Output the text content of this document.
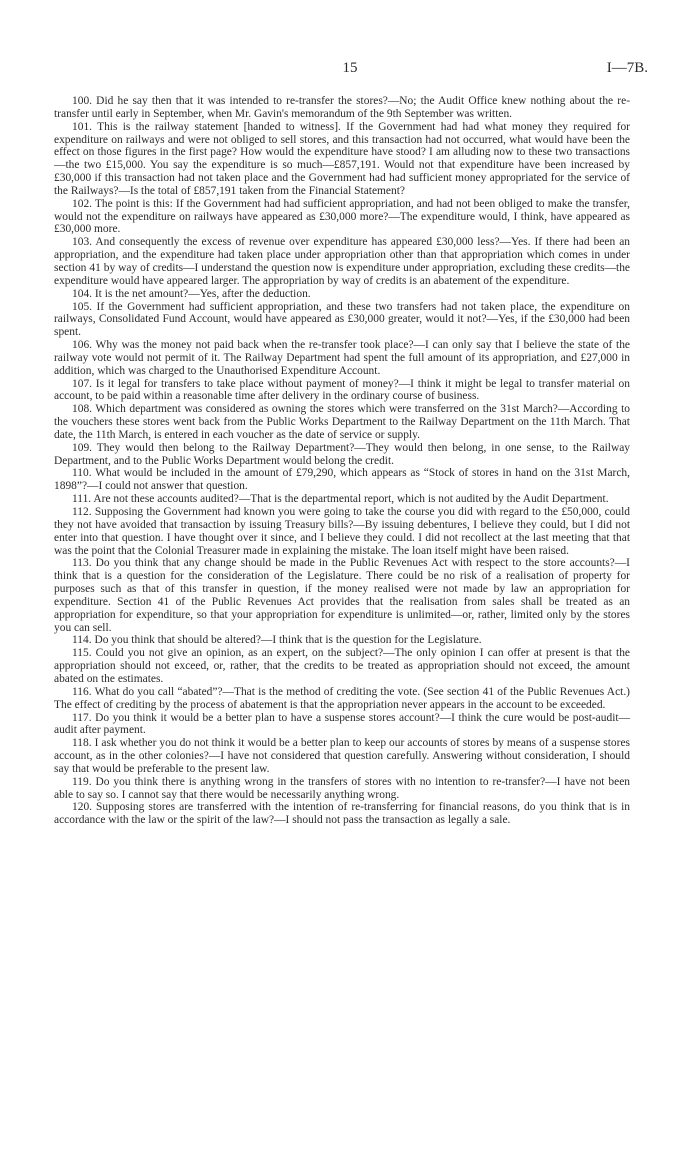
15	I—7B.

100. Did he say then that it was intended to re-transfer the stores?—No; the Audit Office knew nothing about the re-transfer until early in September, when Mr. Gavin's memorandum of the 9th September was written.

101. This is the railway statement [handed to witness]. If the Government had had what money they required for expenditure on railways and were not obliged to sell stores, and this transaction had not occurred, what would have been the effect on those figures in the first page? How would the expenditure have stood? I am alluding now to these two transactions—the two £15,000. You say the expenditure is so much—£857,191. Would not that expenditure have been increased by £30,000 if this transaction had not taken place and the Government had had sufficient money appropriated for the service of the Railways?—Is the total of £857,191 taken from the Financial Statement?

102. The point is this: If the Government had had sufficient appropriation, and had not been obliged to make the transfer, would not the expenditure on railways have appeared as £30,000 more?—The expenditure would, I think, have appeared as £30,000 more.

103. And consequently the excess of revenue over expenditure has appeared £30,000 less?—Yes. If there had been an appropriation, and the expenditure had taken place under appropriation other than that appropriation which comes in under section 41 by way of credits—I understand the question now is expenditure under appropriation, excluding these credits—the expenditure would have appeared larger. The appropriation by way of credits is an abatement of the expenditure.

104. It is the net amount?—Yes, after the deduction.

105. If the Government had sufficient appropriation, and these two transfers had not taken place, the expenditure on railways, Consolidated Fund Account, would have appeared as £30,000 greater, would it not?—Yes, if the £30,000 had been spent.

106. Why was the money not paid back when the re-transfer took place?—I can only say that I believe the state of the railway vote would not permit of it. The Railway Department had spent the full amount of its appropriation, and £27,000 in addition, which was charged to the Unauthorised Expenditure Account.

107. Is it legal for transfers to take place without payment of money?—I think it might be legal to transfer material on account, to be paid within a reasonable time after delivery in the ordinary course of business.

108. Which department was considered as owning the stores which were transferred on the 31st March?—According to the vouchers these stores went back from the Public Works Department to the Railway Department on the 11th March. That date, the 11th March, is entered in each voucher as the date of service or supply.

109. They would then belong to the Railway Department?—They would then belong, in one sense, to the Railway Department, and to the Public Works Department would belong the credit.

110. What would be included in the amount of £79,290, which appears as “Stock of stores in hand on the 31st March, 1898”?—I could not answer that question.

111. Are not these accounts audited?—That is the departmental report, which is not audited by the Audit Department.

112. Supposing the Government had known you were going to take the course you did with regard to the £50,000, could they not have avoided that transaction by issuing Treasury bills?—By issuing debentures, I believe they could, but I did not enter into that question. I have thought over it since, and I believe they could. I did not recollect at the last meeting that that was the point that the Colonial Treasurer made in explaining the mistake. The loan itself might have been raised.

113. Do you think that any change should be made in the Public Revenues Act with respect to the store accounts?—I think that is a question for the consideration of the Legislature. There could be no risk of a realisation of property for purposes such as that of this transfer in question, if the money realised were not made by law an appropriation for expenditure. Section 41 of the Public Revenues Act provides that the realisation from sales shall be treated as an appropriation for expenditure, so that your appropriation for expenditure is unlimited—or, rather, limited only by the stores you can sell.

114. Do you think that should be altered?—I think that is the question for the Legislature.

115. Could you not give an opinion, as an expert, on the subject?—The only opinion I can offer at present is that the appropriation should not exceed, or, rather, that the credits to be treated as appropriation should not exceed, the amount abated on the estimates.

116. What do you call “abated”?—That is the method of crediting the vote. (See section 41 of the Public Revenues Act.) The effect of crediting by the process of abatement is that the appropriation never appears in the account to be exceeded.

117. Do you think it would be a better plan to have a suspense stores account?—I think the cure would be post-audit—audit after payment.

118. I ask whether you do not think it would be a better plan to keep our accounts of stores by means of a suspense stores account, as in the other colonies?—I have not considered that question carefully. Answering without consideration, I should say that would be preferable to the present law.

119. Do you think there is anything wrong in the transfers of stores with no intention to re-transfer?—I have not been able to say so. I cannot say that there would be necessarily anything wrong.

120. Supposing stores are transferred with the intention of re-transferring for financial reasons, do you think that is in accordance with the law or the spirit of the law?—I should not pass the transaction as legally a sale.
